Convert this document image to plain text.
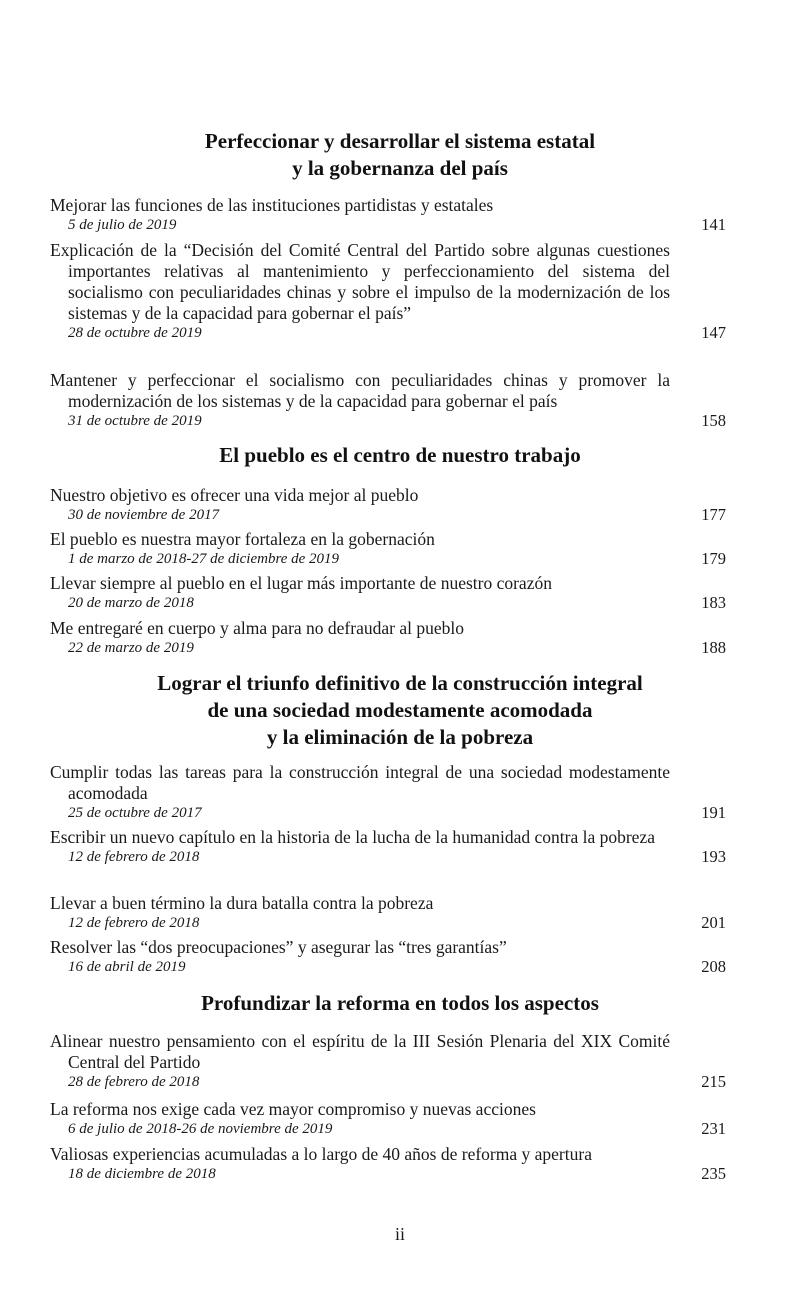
Perfeccionar y desarrollar el sistema estatal
y la gobernanza del país
Mejorar las funciones de las instituciones partidistas y estatales
5 de julio de 2019	141
Explicación de la “Decisión del Comité Central del Partido sobre algunas cuestiones importantes relativas al mantenimiento y perfeccionamiento del sistema del socialismo con peculiaridades chinas y sobre el impulso de la modernización de los sistemas y de la capacidad para gobernar el país”
28 de octubre de 2019	147
Mantener y perfeccionar el socialismo con peculiaridades chinas y promover la modernización de los sistemas y de la capacidad para gobernar el país
31 de octubre de 2019	158
El pueblo es el centro de nuestro trabajo
Nuestro objetivo es ofrecer una vida mejor al pueblo
30 de noviembre de 2017	177
El pueblo es nuestra mayor fortaleza en la gobernación
1 de marzo de 2018-27 de diciembre de 2019	179
Llevar siempre al pueblo en el lugar más importante de nuestro corazón
20 de marzo de 2018	183
Me entregaré en cuerpo y alma para no defraudar al pueblo
22 de marzo de 2019	188
Lograr el triunfo definitivo de la construcción integral
de una sociedad modestamente acomodada
y la eliminación de la pobreza
Cumplir todas las tareas para la construcción integral de una sociedad modestamente acomodada
25 de octubre de 2017	191
Escribir un nuevo capítulo en la historia de la lucha de la humanidad contra la pobreza
12 de febrero de 2018	193
Llevar a buen término la dura batalla contra la pobreza
12 de febrero de 2018	201
Resolver las “dos preocupaciones” y asegurar las “tres garantías”
16 de abril de 2019	208
Profundizar la reforma en todos los aspectos
Alinear nuestro pensamiento con el espíritu de la III Sesión Plenaria del XIX Comité Central del Partido
28 de febrero de 2018	215
La reforma nos exige cada vez mayor compromiso y nuevas acciones
6 de julio de 2018-26 de noviembre de 2019	231
Valiosas experiencias acumuladas a lo largo de 40 años de reforma y apertura
18 de diciembre de 2018	235
ii
